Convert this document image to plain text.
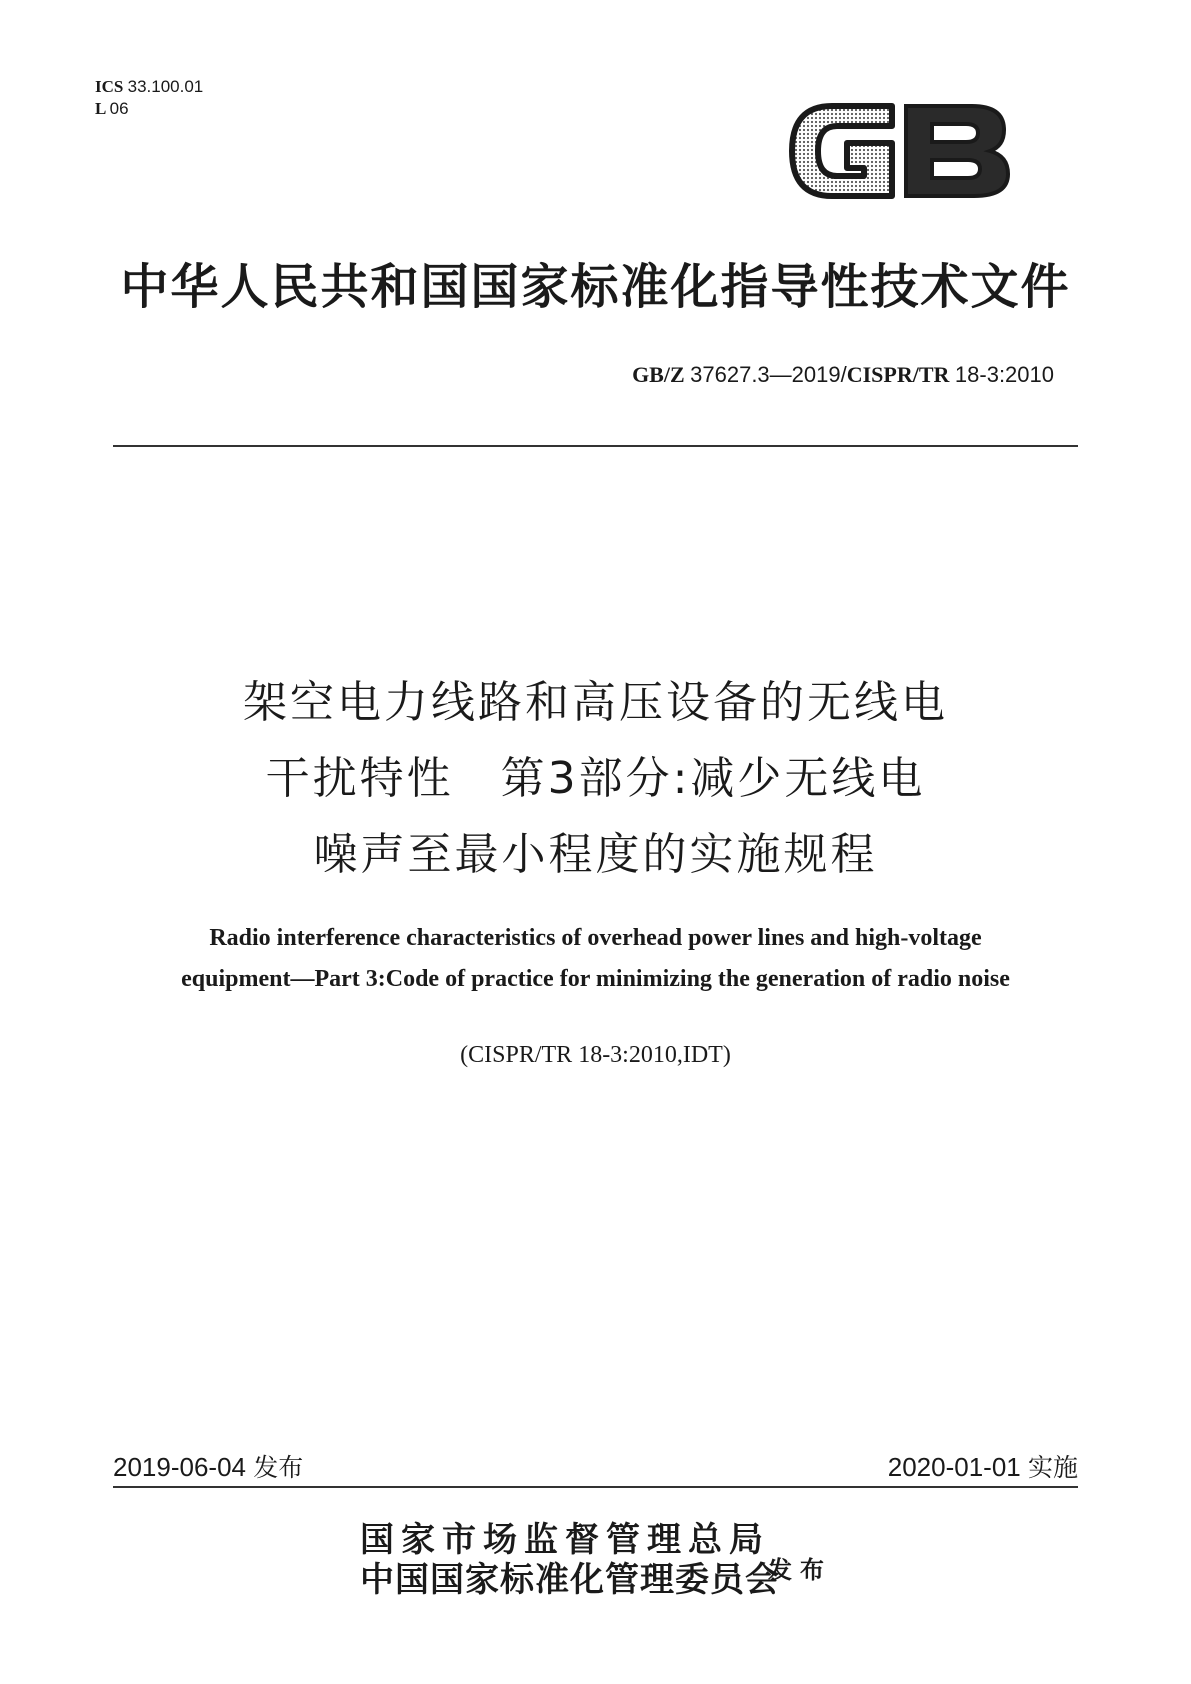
ICS 33.100.01
L 06
中华人民共和国国家标准化指导性技术文件
GB/Z 37627.3—2019/CISPR/TR 18-3:2010
架空电力线路和高压设备的无线电
干扰特性　第3部分:减少无线电
噪声至最小程度的实施规程
Radio interference characteristics of overhead power lines and high-voltage
equipment—Part 3:Code of practice for minimizing the generation of radio noise
(CISPR/TR 18-3:2010,IDT)
2019-06-04 发布	2020-01-01 实施
国家市场监督管理总局
中国国家标准化管理委员会
发布
